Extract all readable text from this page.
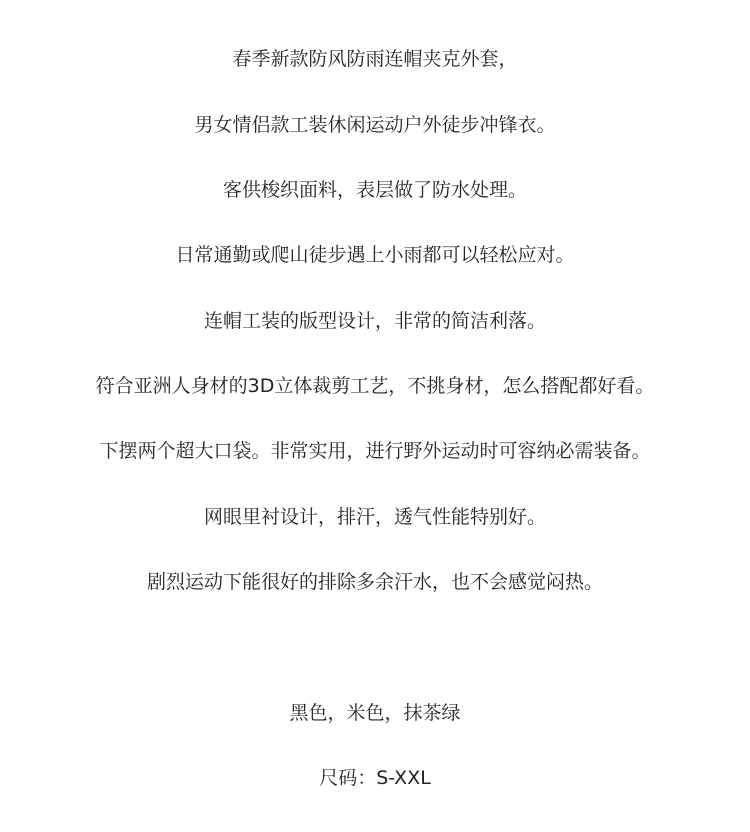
春季新款防风防雨连帽夹克外套，
男女情侣款工装休闲运动户外徒步冲锋衣。
客供梭织面料，表层做了防水处理。
日常通勤或爬山徒步遇上小雨都可以轻松应对。
连帽工装的版型设计，非常的简洁利落。
符合亚洲人身材的3D立体裁剪工艺，不挑身材，怎么搭配都好看。
下摆两个超大口袋。非常实用，进行野外运动时可容纳必需装备。
网眼里衬设计，排汗，透气性能特别好。
剧烈运动下能很好的排除多余汗水，也不会感觉闷热。
黑色，米色，抹茶绿
尺码：S-XXL
